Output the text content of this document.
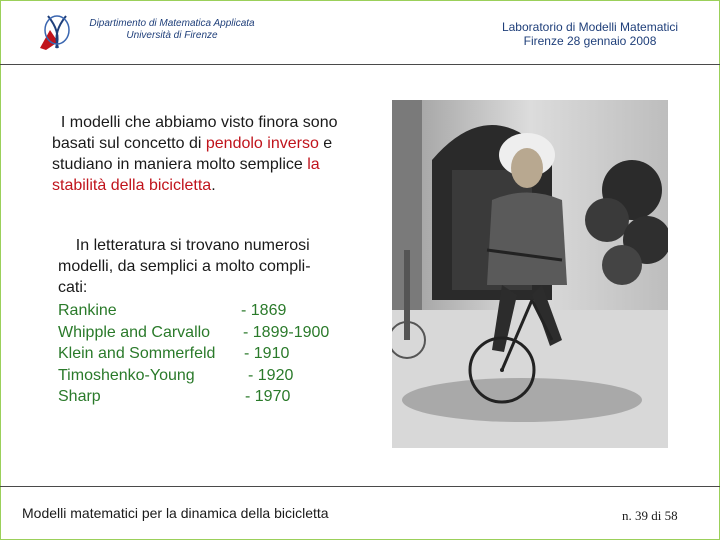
Dipartimento di Matematica Applicata
Università di Firenze
Laboratorio di Modelli Matematici
Firenze 28 gennaio 2008
I modelli che abbiamo visto finora sono basati sul concetto di pendolo inverso e studiano in maniera molto semplice la stabilità della bicicletta.
In letteratura si trovano numerosi
modelli, da semplici a molto compli-
cati:
Rankine	- 1869
Whipple and Carvallo - 1899-1900
Klein and Sommerfeld - 1910
Timoshenko-Young	- 1920
Sharp	- 1970
Modelli matematici per la dinamica della bicicletta	n. 39 di 58
